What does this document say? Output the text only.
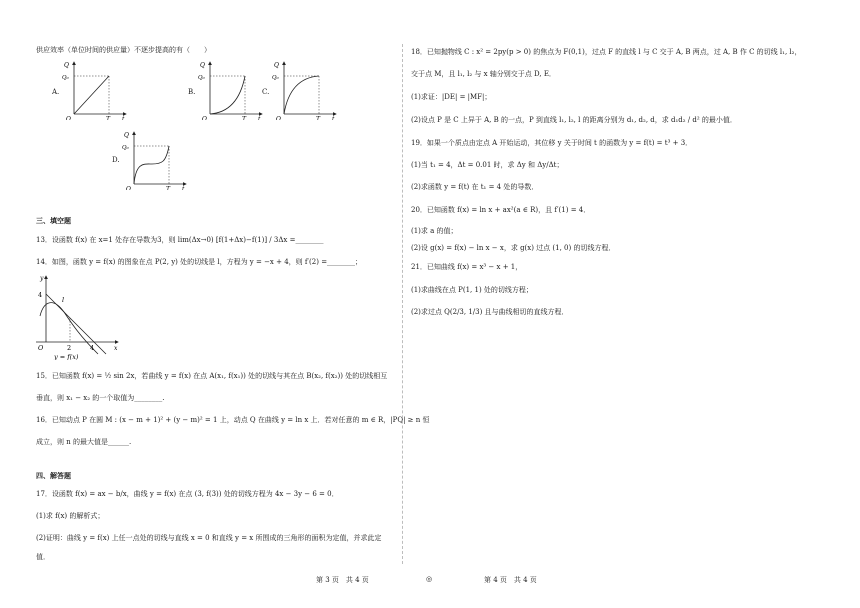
供应效率（单位时间的供应量）不逐步提高的有（　　）
A.
Q
Q₀
O	T t
B.
Q
Q₀
O	T t
C.
Q
Q₀
O	T t
D.
Q
Q₀
O	T t
三、填空题
13．设函数 f(x) 在 x=1 处存在导数为3，则 lim(Δx→0) [f(1+Δx)−f(1)] / 3Δx =________
14．如图，函数 y = f(x) 的图象在点 P(2, y) 处的切线是 l，方程为 y = −x + 4，则 f′(2) =________；
y
4
l
O	2	4	x
y = f(x)
15．已知函数 f(x) = ½ sin 2x，若曲线 y = f(x) 在点 A(x₁, f(x₁)) 处的切线与其在点 B(x₂, f(x₂)) 处的切线相互
垂直，则 x₁ − x₂ 的一个取值为________.
16．已知动点 P 在圆 M : (x − m + 1)² + (y − m)² = 1 上，动点 Q 在曲线 y = ln x 上．若对任意的 m ∈ R，|PQ| ≥ n 恒
成立，则 n 的最大值是______.
四、解答题
17．设函数 f(x) = ax − b/x，曲线 y = f(x) 在点 (3, f(3)) 处的切线方程为 4x − 3y − 6 = 0．
(1)求 f(x) 的解析式；
(2)证明：曲线 y = f(x) 上任一点处的切线与直线 x = 0 和直线 y = x 所围成的三角形的面积为定值，并求此定
值．
18．已知抛物线 C : x² = 2py(p > 0) 的焦点为 F(0,1)，过点 F 的直线 l 与 C 交于 A, B 两点，过 A, B 作 C 的切线 l₁, l₂，
交于点 M，且 l₁, l₂ 与 x 轴分别交于点 D, E．
(1)求证：|DE| = |MF|；
(2)设点 P 是 C 上异于 A, B 的一点，P 到直线 l₁, l₂, l 的距离分别为 d₁, d₂, d，求 d₁d₂ / d² 的最小值．
19．如果一个质点由定点 A 开始运动，其位移 y 关于时间 t 的函数为 y = f(t) = t³ + 3．
(1)当 t₁ = 4，Δt = 0.01 时，求 Δy 和 Δy/Δt；
(2)求函数 y = f(t) 在 t₁ = 4 处的导数．
20．已知函数 f(x) = ln x + ax²(a ∈ R)，且 f′(1) = 4．
(1)求 a 的值；
(2)设 g(x) = f(x) − ln x − x，求 g(x) 过点 (1, 0) 的切线方程．
21．已知曲线 f(x) = x³ − x + 1，
(1)求曲线在点 P(1, 1) 处的切线方程；
(2)求过点 Q(2/3, 1/3) 且与曲线相切的直线方程．
第 3 页　共 4 页	◎	第 4 页　共 4 页
